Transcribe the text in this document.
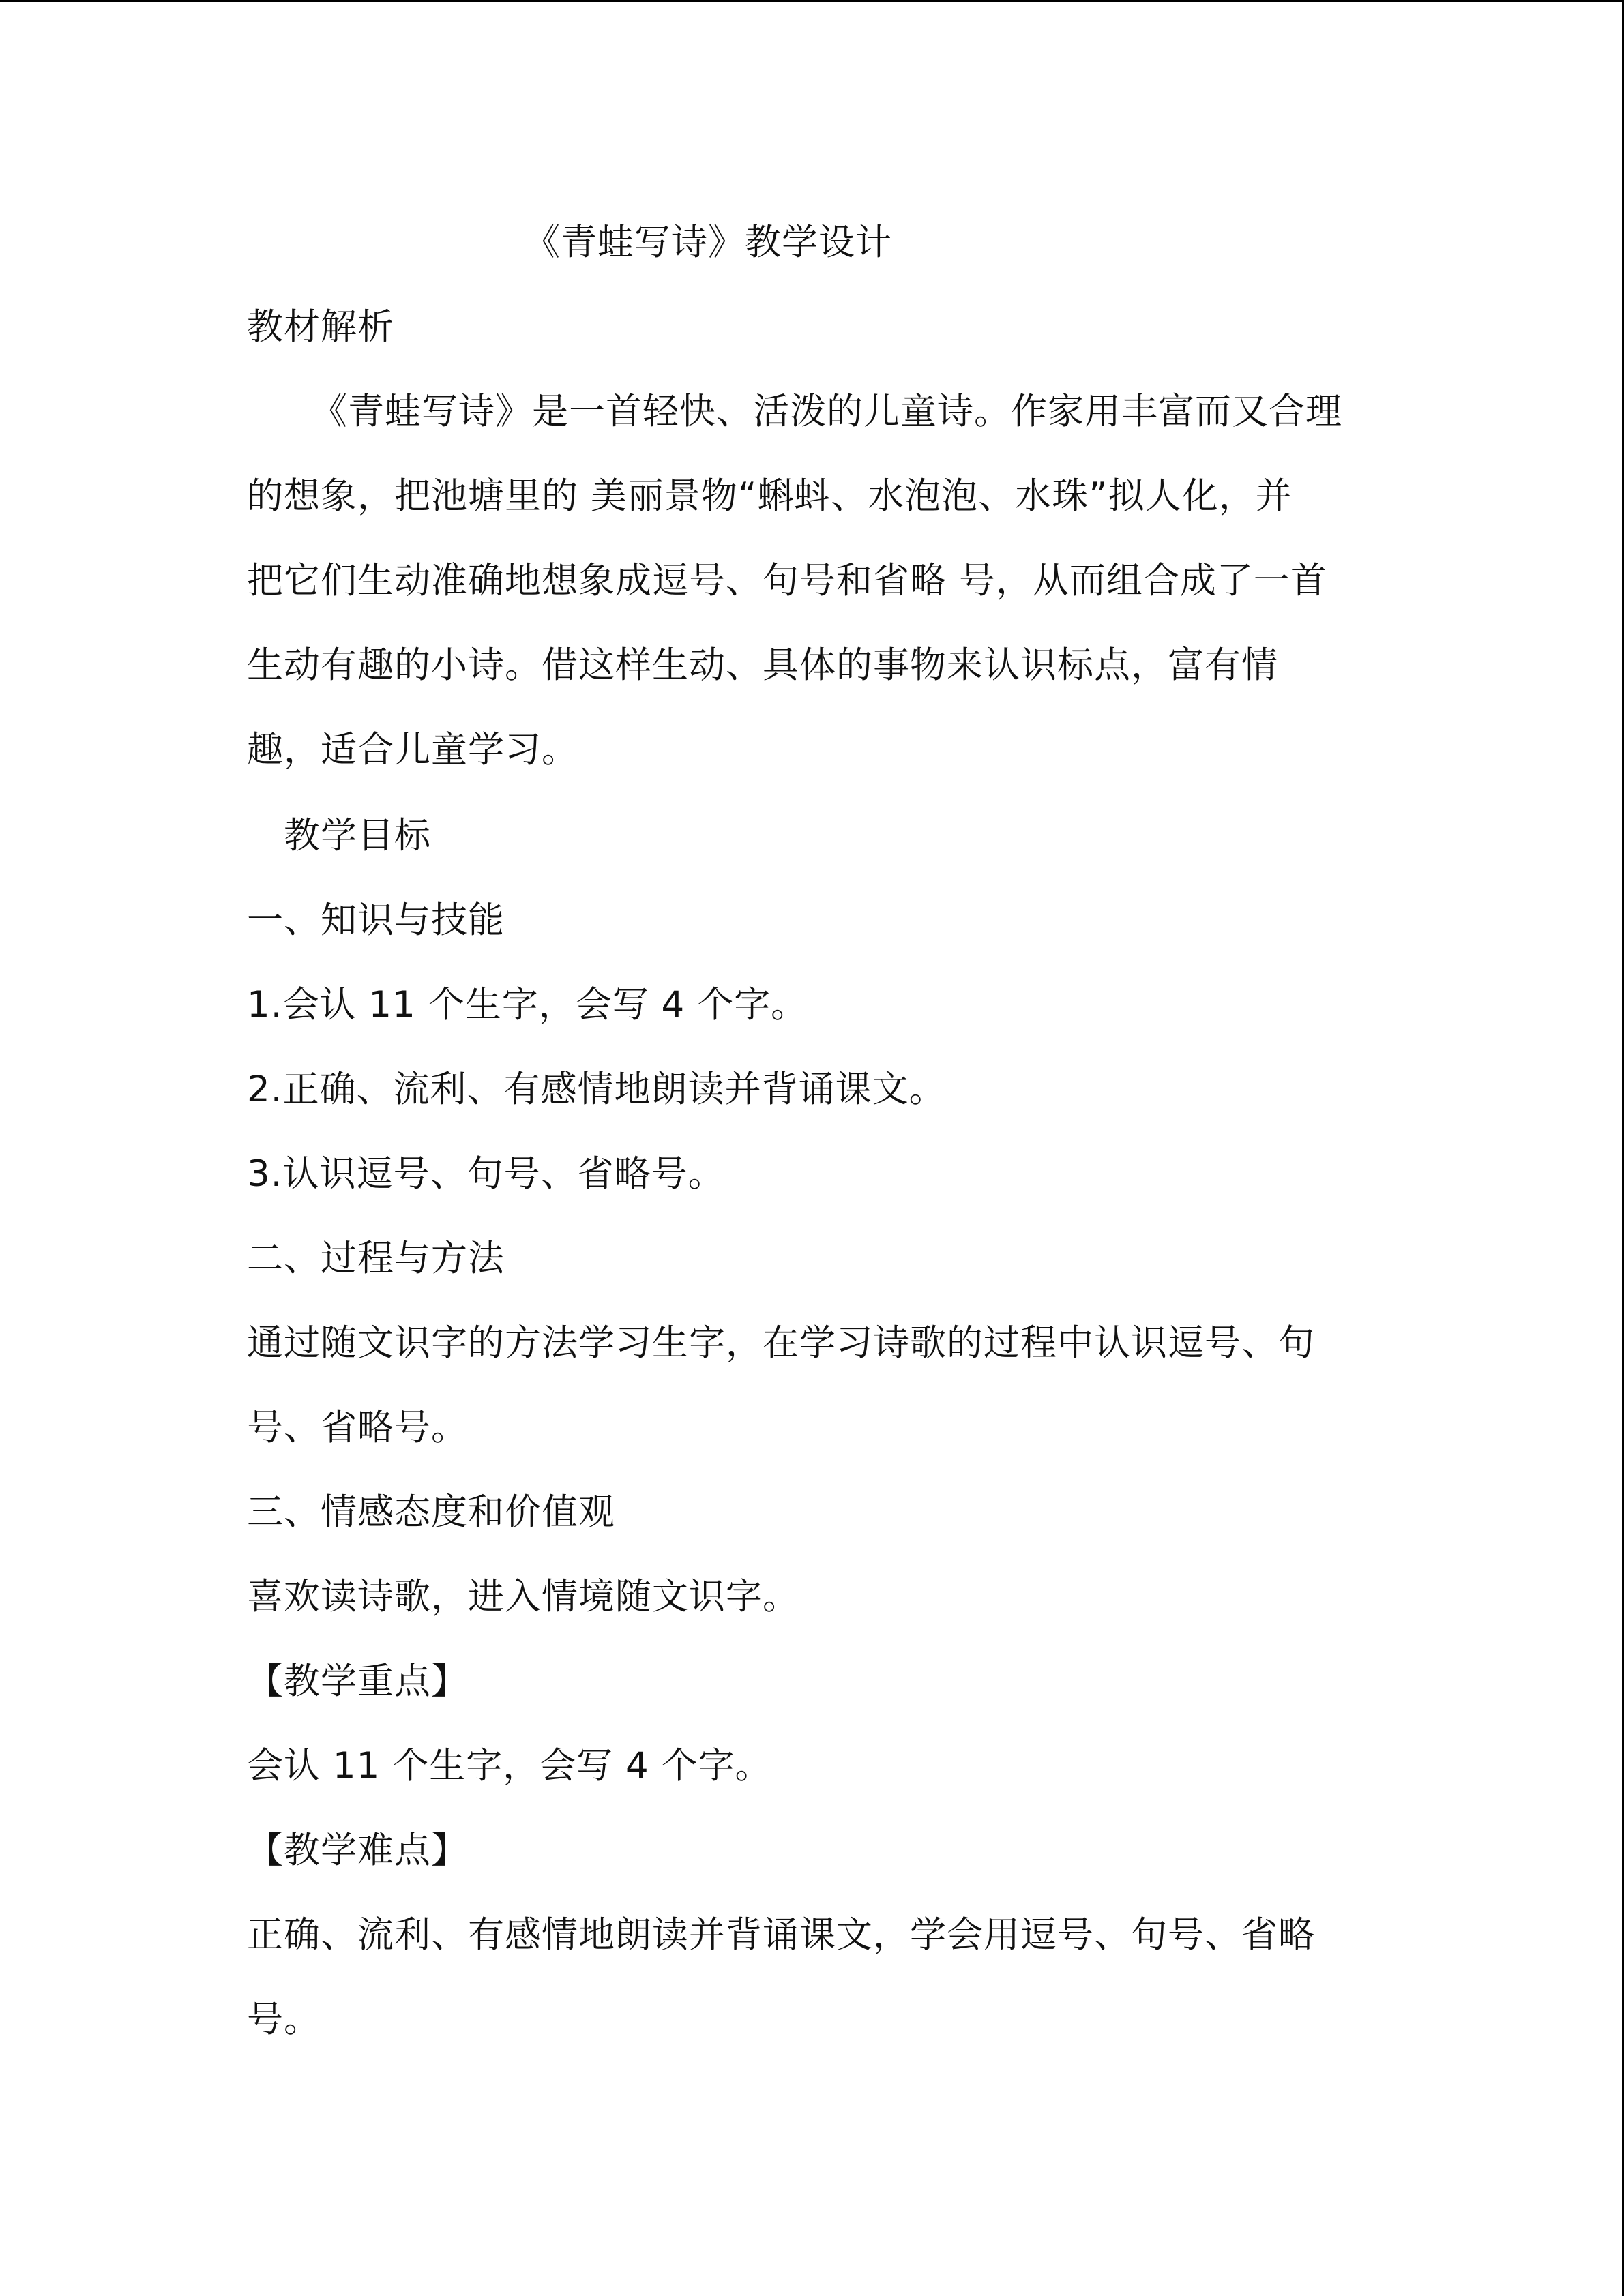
《青蛙写诗》教学设计

教材解析

《青蛙写诗》是一首轻快、活泼的儿童诗。作家用丰富而又合理
的想象，把池塘里的 美丽景物“蝌蚪、水泡泡、水珠”拟人化，并
把它们生动准确地想象成逗号、句号和省略 号，从而组合成了一首
生动有趣的小诗。借这样生动、具体的事物来认识标点，富有情
趣，适合儿童学习。

教学目标

一、知识与技能

1.会认 11 个生字，会写 4 个字。
2.正确、流利、有感情地朗读并背诵课文。
3.认识逗号、句号、省略号。

二、过程与方法

通过随文识字的方法学习生字，在学习诗歌的过程中认识逗号、句
号、省略号。

三、情感态度和价值观

喜欢读诗歌，进入情境随文识字。

【教学重点】

会认 11 个生字，会写 4 个字。

【教学难点】

正确、流利、有感情地朗读并背诵课文，学会用逗号、句号、省略
号。
